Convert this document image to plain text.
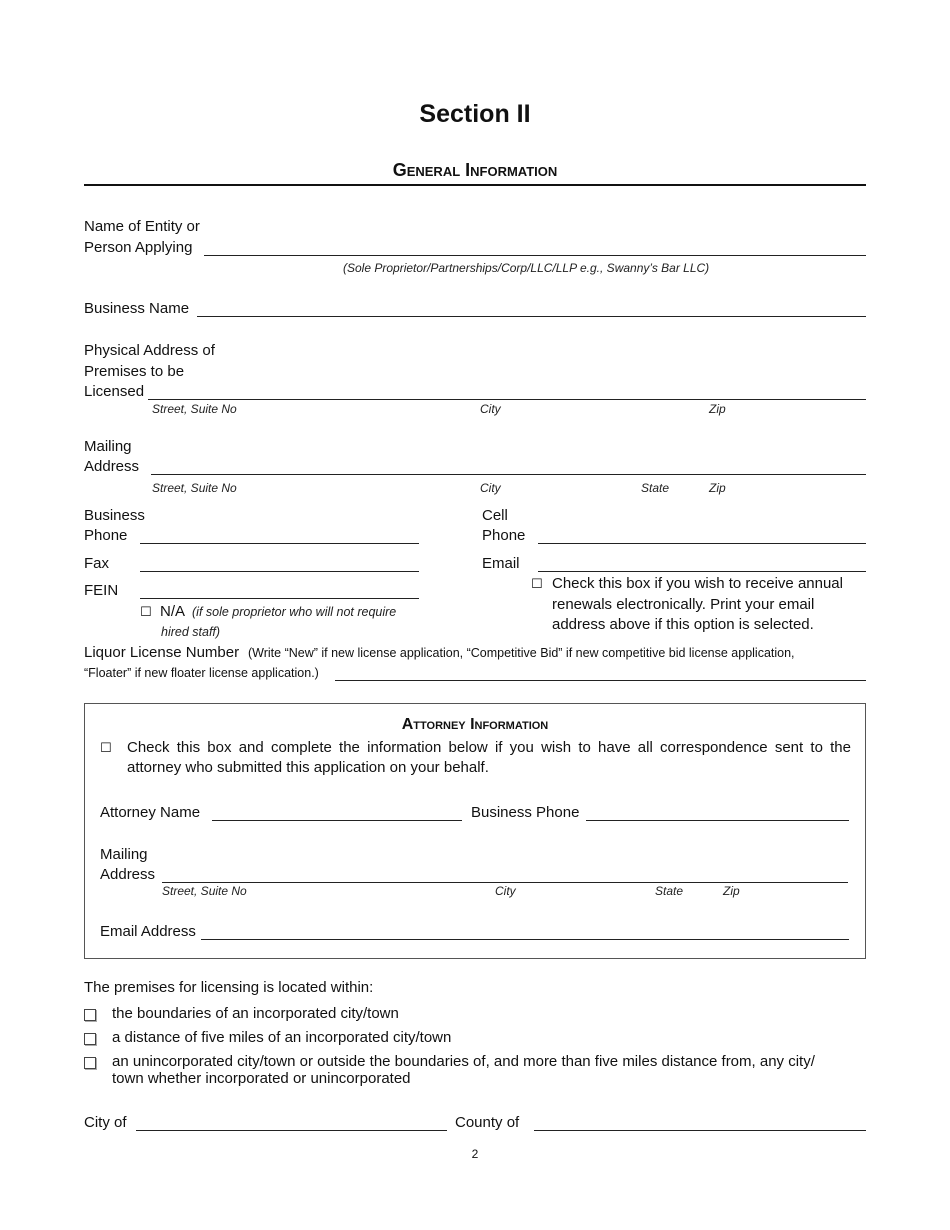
Section II
General Information
Name of Entity or
Person Applying
(Sole Proprietor/Partnerships/Corp/LLC/LLP e.g., Swanny’s Bar LLC)
Business Name
Physical Address of
Premises to be
Licensed
Street, Suite No	City	Zip
Mailing
Address
Street, Suite No	City	State	Zip
Business
Phone
Cell
Phone
Fax	Email
FEIN
☐ N/A (if sole proprietor who will not require
hired staff)
☐ Check this box if you wish to receive annual
renewals electronically. Print your email
address above if this option is selected.
Liquor License Number (Write “New” if new license application, “Competitive Bid” if new competitive bid license application,
“Floater” if new floater license application.)
Attorney Information
☐ Check this box and complete the information below if you wish to have all correspondence sent to the
attorney who submitted this application on your behalf.
Attorney Name	Business Phone
Mailing
Address
Street, Suite No	City	State	Zip
Email Address
The premises for licensing is located within:
the boundaries of an incorporated city/town
a distance of five miles of an incorporated city/town
an unincorporated city/town or outside the boundaries of, and more than five miles distance from, any city/
town whether incorporated or unincorporated
City of	County of
2
